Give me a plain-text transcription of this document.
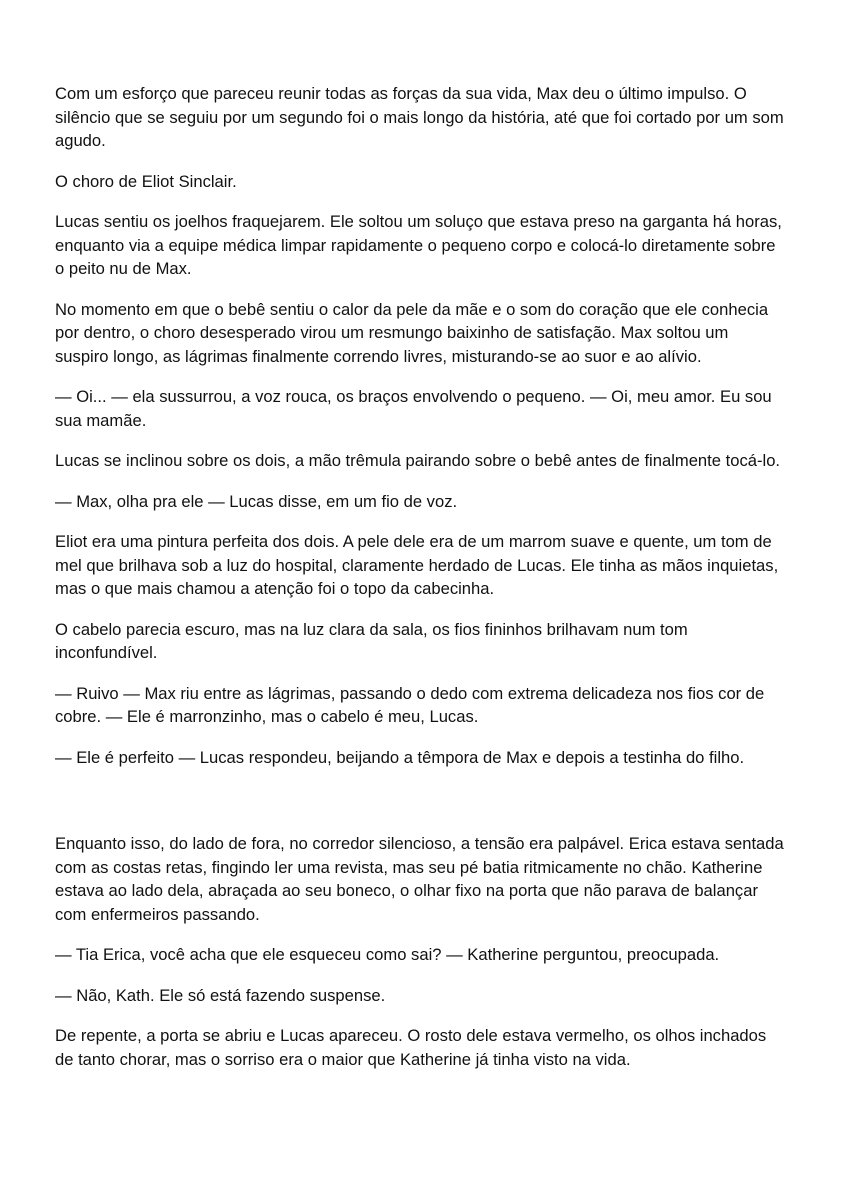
Com um esforço que pareceu reunir todas as forças da sua vida, Max deu o último impulso. O silêncio que se seguiu por um segundo foi o mais longo da história, até que foi cortado por um som agudo.

O choro de Eliot Sinclair.

Lucas sentiu os joelhos fraquejarem. Ele soltou um soluço que estava preso na garganta há horas, enquanto via a equipe médica limpar rapidamente o pequeno corpo e colocá-lo diretamente sobre o peito nu de Max.

No momento em que o bebê sentiu o calor da pele da mãe e o som do coração que ele conhecia por dentro, o choro desesperado virou um resmungo baixinho de satisfação. Max soltou um suspiro longo, as lágrimas finalmente correndo livres, misturando-se ao suor e ao alívio.

— Oi... — ela sussurrou, a voz rouca, os braços envolvendo o pequeno. — Oi, meu amor. Eu sou sua mamãe.

Lucas se inclinou sobre os dois, a mão trêmula pairando sobre o bebê antes de finalmente tocá-lo.

— Max, olha pra ele — Lucas disse, em um fio de voz.

Eliot era uma pintura perfeita dos dois. A pele dele era de um marrom suave e quente, um tom de mel que brilhava sob a luz do hospital, claramente herdado de Lucas. Ele tinha as mãos inquietas, mas o que mais chamou a atenção foi o topo da cabecinha.

O cabelo parecia escuro, mas na luz clara da sala, os fios fininhos brilhavam num tom inconfundível.

— Ruivo — Max riu entre as lágrimas, passando o dedo com extrema delicadeza nos fios cor de cobre. — Ele é marronzinho, mas o cabelo é meu, Lucas.

— Ele é perfeito — Lucas respondeu, beijando a têmpora de Max e depois a testinha do filho.

Enquanto isso, do lado de fora, no corredor silencioso, a tensão era palpável. Erica estava sentada com as costas retas, fingindo ler uma revista, mas seu pé batia ritmicamente no chão. Katherine estava ao lado dela, abraçada ao seu boneco, o olhar fixo na porta que não parava de balançar com enfermeiros passando.

— Tia Erica, você acha que ele esqueceu como sai? — Katherine perguntou, preocupada.

— Não, Kath. Ele só está fazendo suspense.

De repente, a porta se abriu e Lucas apareceu. O rosto dele estava vermelho, os olhos inchados de tanto chorar, mas o sorriso era o maior que Katherine já tinha visto na vida.
